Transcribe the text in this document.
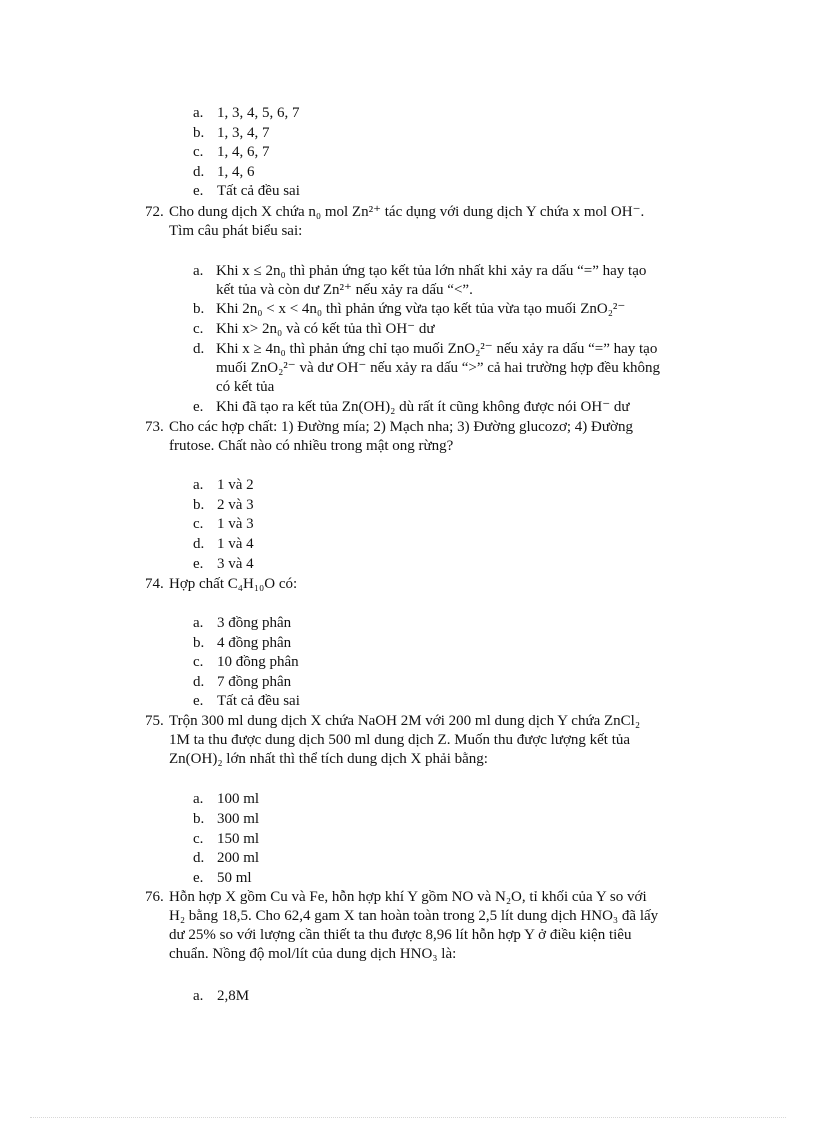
a. 1, 3, 4, 5, 6, 7
b. 1, 3, 4, 7
c. 1, 4, 6, 7
d. 1, 4, 6
e. Tất cả đều sai
72. Cho dung dịch X chứa n₀ mol Zn²⁺ tác dụng với dung dịch Y chứa x mol OH⁻.
Tìm câu phát biểu sai:
a. Khi x ≤ 2n₀ thì phản ứng tạo kết tủa lớn nhất khi xảy ra dấu “=” hay tạo
kết tủa và còn dư Zn²⁺ nếu xảy ra dấu “<”.
b. Khi 2n₀ < x < 4n₀ thì phản ứng vừa tạo kết tủa vừa tạo muối ZnO₂²⁻
c. Khi x> 2n₀ và có kết tủa thì OH⁻ dư
d. Khi x ≥ 4n₀ thì phản ứng chỉ tạo muối ZnO₂²⁻ nếu xảy ra dấu “=” hay tạo
muối ZnO₂²⁻ và dư OH⁻ nếu xảy ra dấu “>” cả hai trường hợp đều không
có kết tủa
e. Khi đã tạo ra kết tủa Zn(OH)₂ dù rất ít cũng không được nói OH⁻ dư
73. Cho các hợp chất: 1) Đường mía; 2) Mạch nha; 3) Đường glucozơ; 4) Đường
frutose. Chất nào có nhiều trong mật ong rừng?
a. 1 và 2
b. 2 và 3
c. 1 và 3
d. 1 và 4
e. 3 và 4
74. Hợp chất C₄H₁₀O có:
a. 3 đồng phân
b. 4 đồng phân
c. 10 đồng phân
d. 7 đồng phân
e. Tất cả đều sai
75. Trộn 300 ml dung dịch X chứa NaOH 2M với 200 ml dung dịch Y chứa ZnCl₂
1M ta thu được dung dịch 500 ml dung dịch Z. Muốn thu được lượng kết tủa
Zn(OH)₂ lớn nhất thì thể tích dung dịch X phải bằng:
a. 100 ml
b. 300 ml
c. 150 ml
d. 200 ml
e. 50 ml
76. Hỗn hợp X gồm Cu và Fe, hỗn hợp khí Y gồm NO và N₂O, tỉ khối của Y so với
H₂ bằng 18,5. Cho 62,4 gam X tan hoàn toàn trong 2,5 lít dung dịch HNO₃ đã lấy
dư 25% so với lượng cần thiết ta thu được 8,96 lít hỗn hợp Y ở điều kiện tiêu
chuẩn. Nồng độ mol/lít của dung dịch HNO₃ là:
a. 2,8M
